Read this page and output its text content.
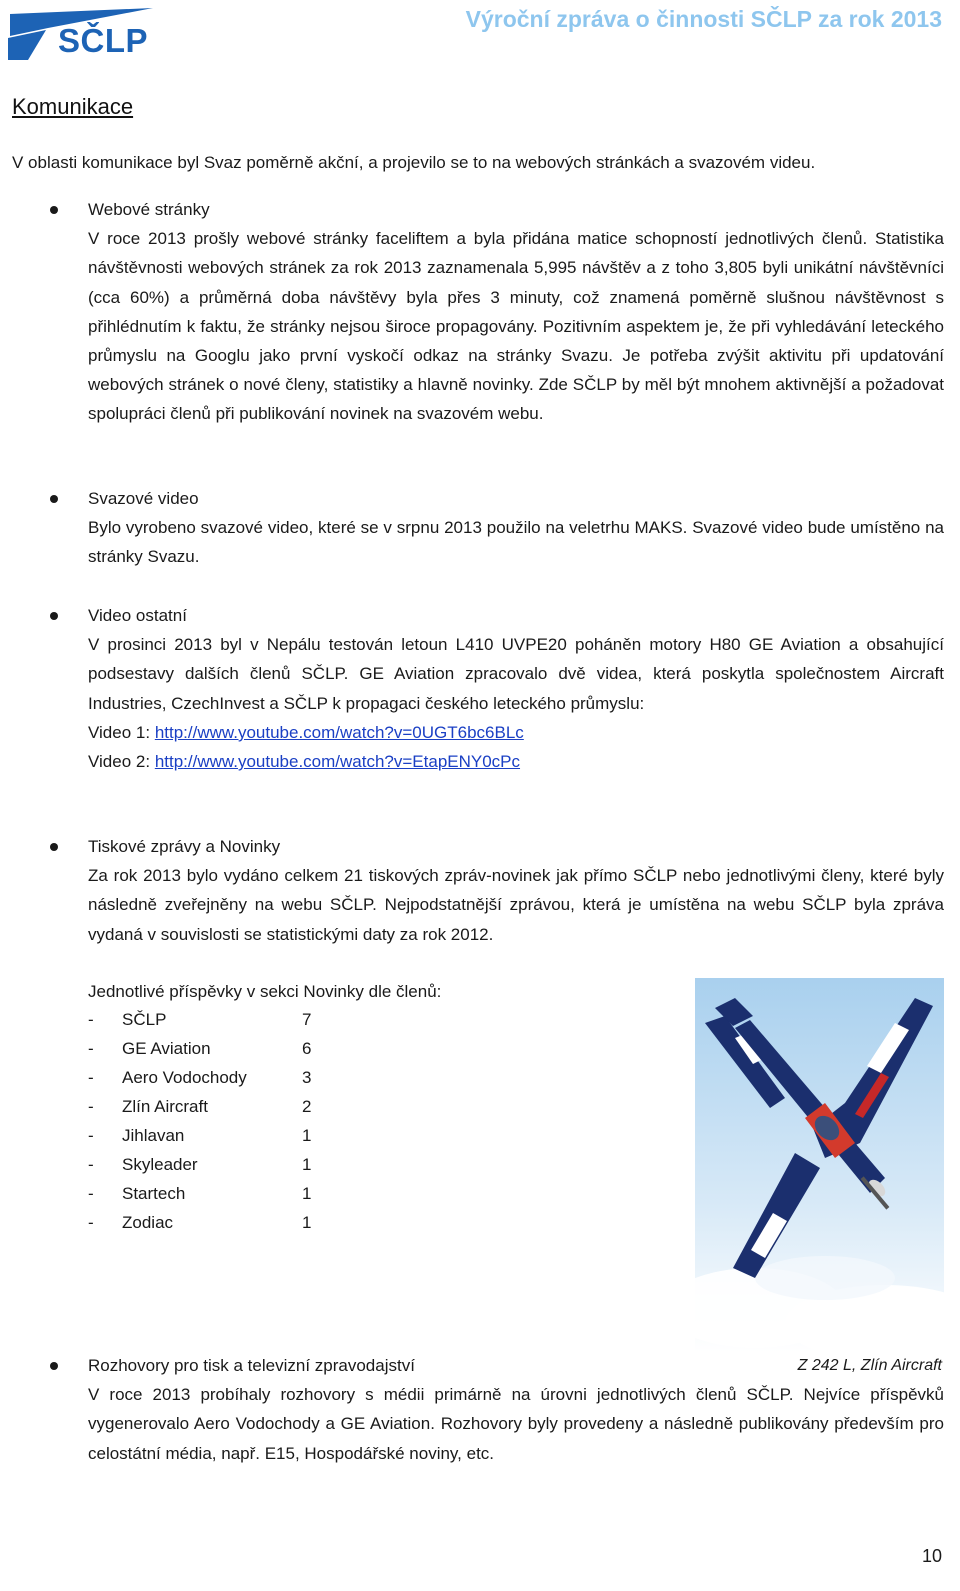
SČLP
Výroční zpráva o činnosti SČLP za rok 2013
Komunikace

V oblasti komunikace byl Svaz poměrně akční, a projevilo se to na webových stránkách a svazovém videu.

Webové stránky

V roce 2013 prošly webové stránky faceliftem a byla přidána matice schopností jednotlivých členů. Statistika návštěvnosti webových stránek za rok 2013 zaznamenala 5,995 návštěv a z toho 3,805 byli unikátní návštěvníci (cca 60%) a průměrná doba návštěvy byla přes 3 minuty, což znamená poměrně slušnou návštěvnost s přihlédnutím k faktu, že stránky nejsou široce propagovány. Pozitivním aspektem je, že při vyhledávání leteckého průmyslu na Googlu jako první vyskočí odkaz na stránky Svazu. Je potřeba zvýšit aktivitu při updatování webových stránek o nové členy, statistiky a hlavně novinky. Zde SČLP by měl být mnohem aktivnější a požadovat spolupráci členů při publikování novinek na svazovém webu.

Svazové video

Bylo vyrobeno svazové video, které se v srpnu 2013 použilo na veletrhu MAKS. Svazové video bude umístěno na stránky Svazu.

Video ostatní

V prosinci 2013 byl v Nepálu testován letoun L410 UVPE20 poháněn motory H80 GE Aviation a obsahující podsestavy dalších členů SČLP. GE Aviation zpracovalo dvě videa, která poskytla společnostem Aircraft Industries, CzechInvest a SČLP k propagaci českého leteckého průmyslu:

Video 1: http://www.youtube.com/watch?v=0UGT6bc6BLc

Video 2: http://www.youtube.com/watch?v=EtapENY0cPc

Tiskové zprávy a Novinky

Za rok 2013 bylo vydáno celkem 21 tiskových zpráv-novinek jak přímo SČLP nebo jednotlivými členy, které byly následně zveřejněny na webu SČLP. Nejpodstatnější zprávou, která je umístěna na webu SČLP byla zpráva vydaná v souvislosti se statistickými daty za rok 2012.

Jednotlivé příspěvky v sekci Novinky dle členů:
-	SČLP	7
-	GE Aviation	6
-	Aero Vodochody	3
-	Zlín Aircraft	2
-	Jihlavan	1
-	Skyleader	1
-	Startech	1
-	Zodiac	1
Z 242 L, Zlín Aircraft

Rozhovory pro tisk a televizní zpravodajství

V roce 2013 probíhaly rozhovory s médii primárně na úrovni jednotlivých členů SČLP. Nejvíce příspěvků vygenerovalo Aero Vodochody a GE Aviation. Rozhovory byly provedeny a následně publikovány především pro celostátní média, např. E15, Hospodářské noviny, etc.

10
